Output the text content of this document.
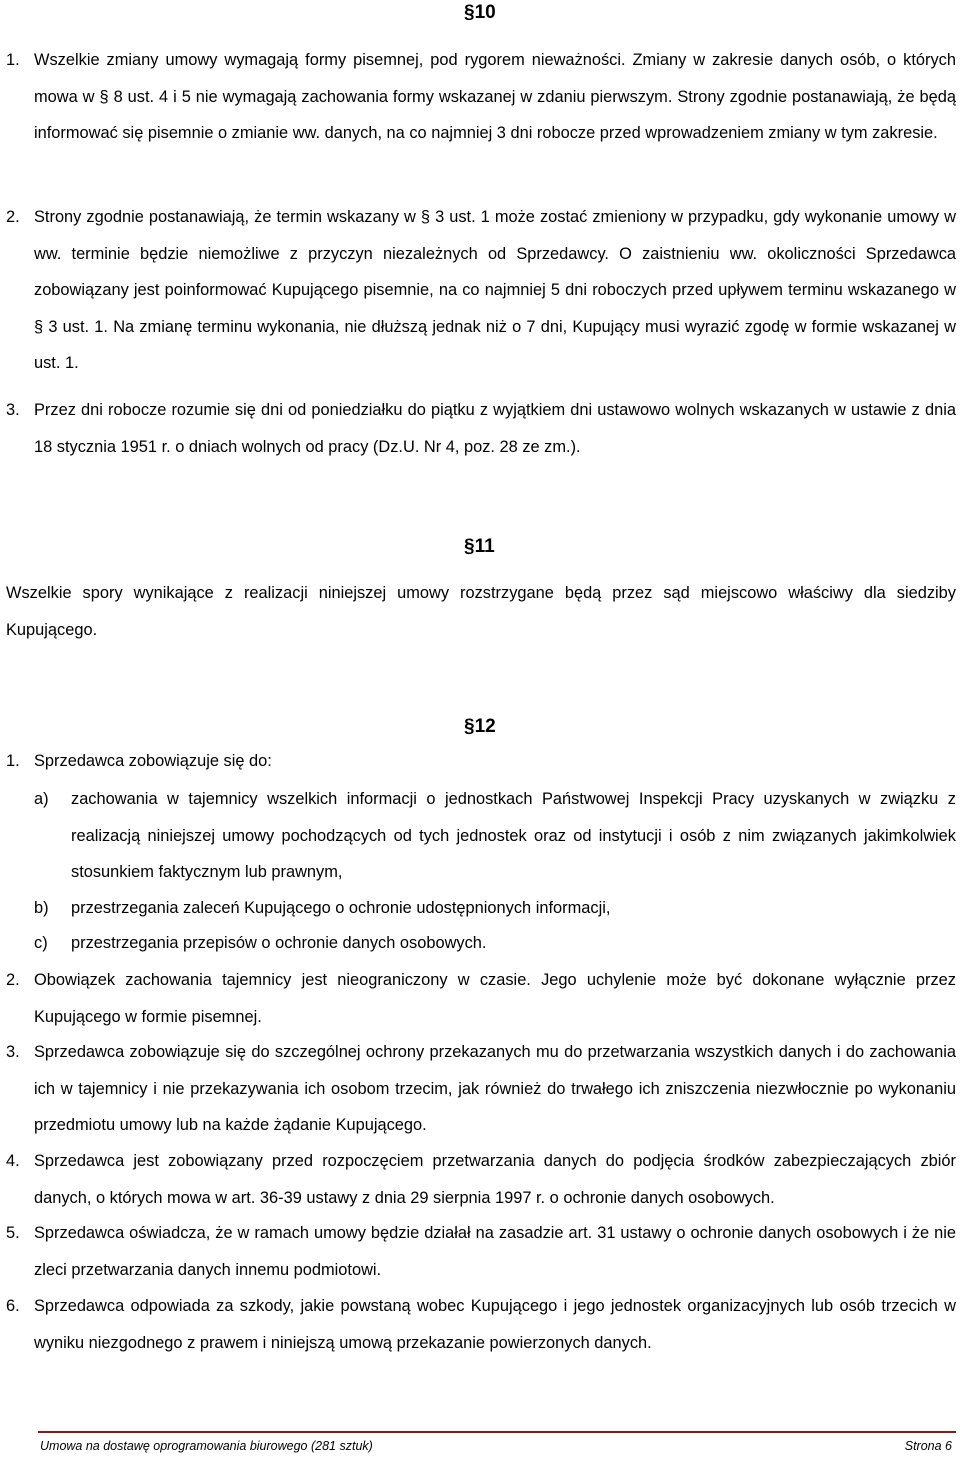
§10
1. Wszelkie zmiany umowy wymagają formy pisemnej, pod rygorem nieważności. Zmiany w zakresie danych osób, o których mowa w § 8 ust. 4 i 5 nie wymagają zachowania formy wskazanej w zdaniu pierwszym. Strony zgodnie postanawiają, że będą informować się pisemnie o zmianie ww. danych, na co najmniej 3 dni robocze przed wprowadzeniem zmiany w tym zakresie.
2. Strony zgodnie postanawiają, że termin wskazany w § 3 ust. 1 może zostać zmieniony w przypadku, gdy wykonanie umowy w ww. terminie będzie niemożliwe z przyczyn niezależnych od Sprzedawcy. O zaistnieniu ww. okoliczności Sprzedawca zobowiązany jest poinformować Kupującego pisemnie, na co najmniej 5 dni roboczych przed upływem terminu wskazanego w § 3 ust. 1. Na zmianę terminu wykonania, nie dłuższą jednak niż o 7 dni, Kupujący musi wyrazić zgodę w formie wskazanej w ust. 1.
3. Przez dni robocze rozumie się dni od poniedziałku do piątku z wyjątkiem dni ustawowo wolnych wskazanych w ustawie z dnia 18 stycznia 1951 r. o dniach wolnych od pracy (Dz.U. Nr 4, poz. 28 ze zm.).
§11
Wszelkie spory wynikające z realizacji niniejszej umowy rozstrzygane będą przez sąd miejscowo właściwy dla siedziby Kupującego.
§12
1. Sprzedawca zobowiązuje się do:
a) zachowania w tajemnicy wszelkich informacji o jednostkach Państwowej Inspekcji Pracy uzyskanych w związku z realizacją niniejszej umowy pochodzących od tych jednostek oraz od instytucji i osób z nim związanych jakimkolwiek stosunkiem faktycznym lub prawnym,
b) przestrzegania zaleceń Kupującego o ochronie udostępnionych informacji,
c) przestrzegania przepisów o ochronie danych osobowych.
2. Obowiązek zachowania tajemnicy jest nieograniczony w czasie. Jego uchylenie może być dokonane wyłącznie przez Kupującego w formie pisemnej.
3. Sprzedawca zobowiązuje się do szczególnej ochrony przekazanych mu do przetwarzania wszystkich danych i do zachowania ich w tajemnicy i nie przekazywania ich osobom trzecim, jak również do trwałego ich zniszczenia niezwłocznie po wykonaniu przedmiotu umowy lub na każde żądanie Kupującego.
4. Sprzedawca jest zobowiązany przed rozpoczęciem przetwarzania danych do podjęcia środków zabezpieczających zbiór danych, o których mowa w art. 36-39 ustawy z dnia 29 sierpnia 1997 r. o ochronie danych osobowych.
5. Sprzedawca oświadcza, że w ramach umowy będzie działał na zasadzie art. 31 ustawy o ochronie danych osobowych i że nie zleci przetwarzania danych innemu podmiotowi.
6. Sprzedawca odpowiada za szkody, jakie powstaną wobec Kupującego i jego jednostek organizacyjnych lub osób trzecich w wyniku niezgodnego z prawem i niniejszą umową przekazanie powierzonych danych.
Umowa na dostawę oprogramowania biurowego (281 sztuk)	Strona 6
